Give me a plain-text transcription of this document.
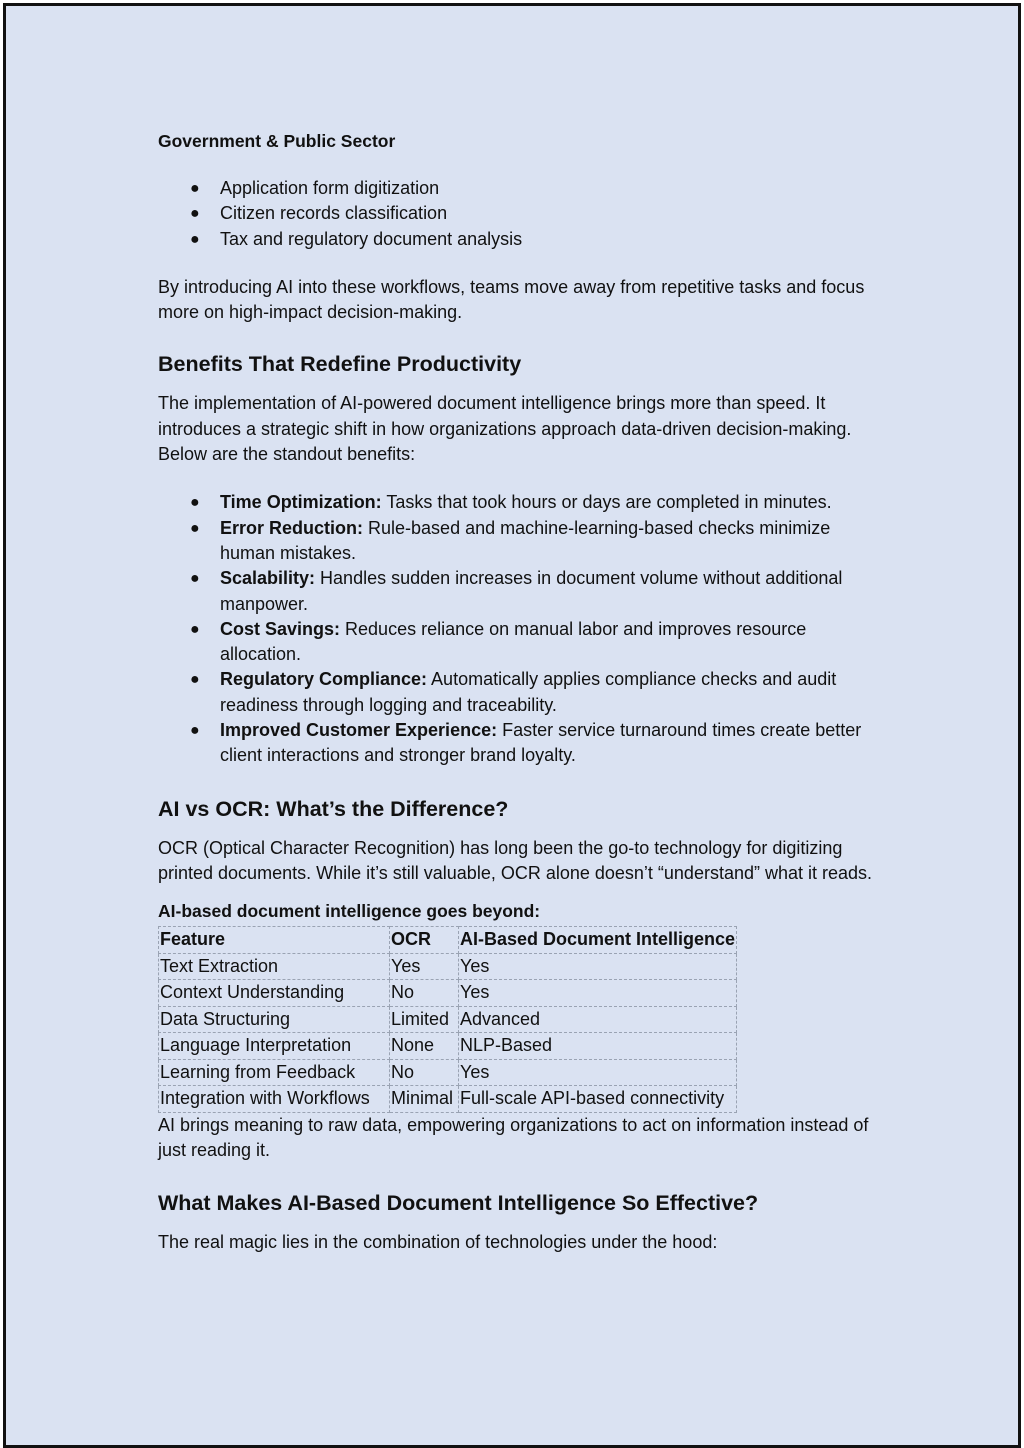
Government & Public Sector

● Application form digitization
● Citizen records classification
● Tax and regulatory document analysis

By introducing AI into these workflows, teams move away from repetitive tasks and focus more on high-impact decision-making.

Benefits That Redefine Productivity

The implementation of AI-powered document intelligence brings more than speed. It introduces a strategic shift in how organizations approach data-driven decision-making. Below are the standout benefits:

● Time Optimization: Tasks that took hours or days are completed in minutes.
● Error Reduction: Rule-based and machine-learning-based checks minimize human mistakes.
● Scalability: Handles sudden increases in document volume without additional manpower.
● Cost Savings: Reduces reliance on manual labor and improves resource allocation.
● Regulatory Compliance: Automatically applies compliance checks and audit readiness through logging and traceability.
● Improved Customer Experience: Faster service turnaround times create better client interactions and stronger brand loyalty.
AI vs OCR: What’s the Difference?

OCR (Optical Character Recognition) has long been the go-to technology for digitizing printed documents. While it’s still valuable, OCR alone doesn’t “understand” what it reads.

AI-based document intelligence goes beyond:

Feature	OCR	AI-Based Document Intelligence
Text Extraction	Yes	Yes
Context Understanding	No	Yes
Data Structuring	Limited	Advanced
Language Interpretation	None	NLP-Based
Learning from Feedback	No	Yes
Integration with Workflows	Minimal	Full-scale API-based connectivity

AI brings meaning to raw data, empowering organizations to act on information instead of just reading it.

What Makes AI-Based Document Intelligence So Effective?

The real magic lies in the combination of technologies under the hood:
